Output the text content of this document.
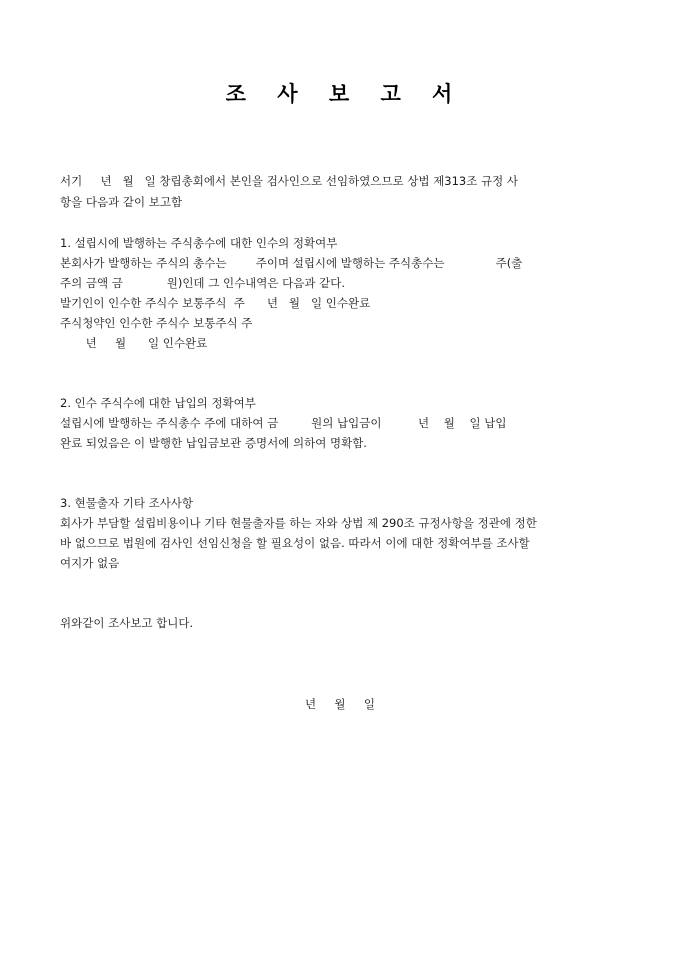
조 사 보 고 서
서기     년   월   일 창립총회에서 본인을 검사인으로 선임하였으므로 상법 제313조 규정 사
항을 다음과 같이 보고함
1. 설립시에 발행하는 주식총수에 대한 인수의 정확여부
본회사가 발행하는 주식의 총수는        주이며 설립시에 발행하는 주식총수는              주(출
주의 금액 금            원)인데 그 인수내역은 다음과 같다.
발기인이 인수한 주식수 보통주식  주      년   월   일 인수완료
주식청약인 인수한 주식수 보통주식 주
년     월      일 인수완료
2. 인수 주식수에 대한 납입의 정확여부
설립시에 발행하는 주식총수 주에 대하여 금         원의 납입금이          년    월    일 납입
완료 되었음은 이 발행한 납입금보관 증명서에 의하여 명확함.
3. 현물출자 기타 조사사항
회사가 부담할 설립비용이나 기타 현물출자를 하는 자와 상법 제 290조 규정사항을 정관에 정한
바 없으므로 법원에 검사인 선임신청을 할 필요성이 없음. 따라서 이에 대한 정확여부를 조사할
여지가 없음
위와같이 조사보고 합니다.
년     월     일
